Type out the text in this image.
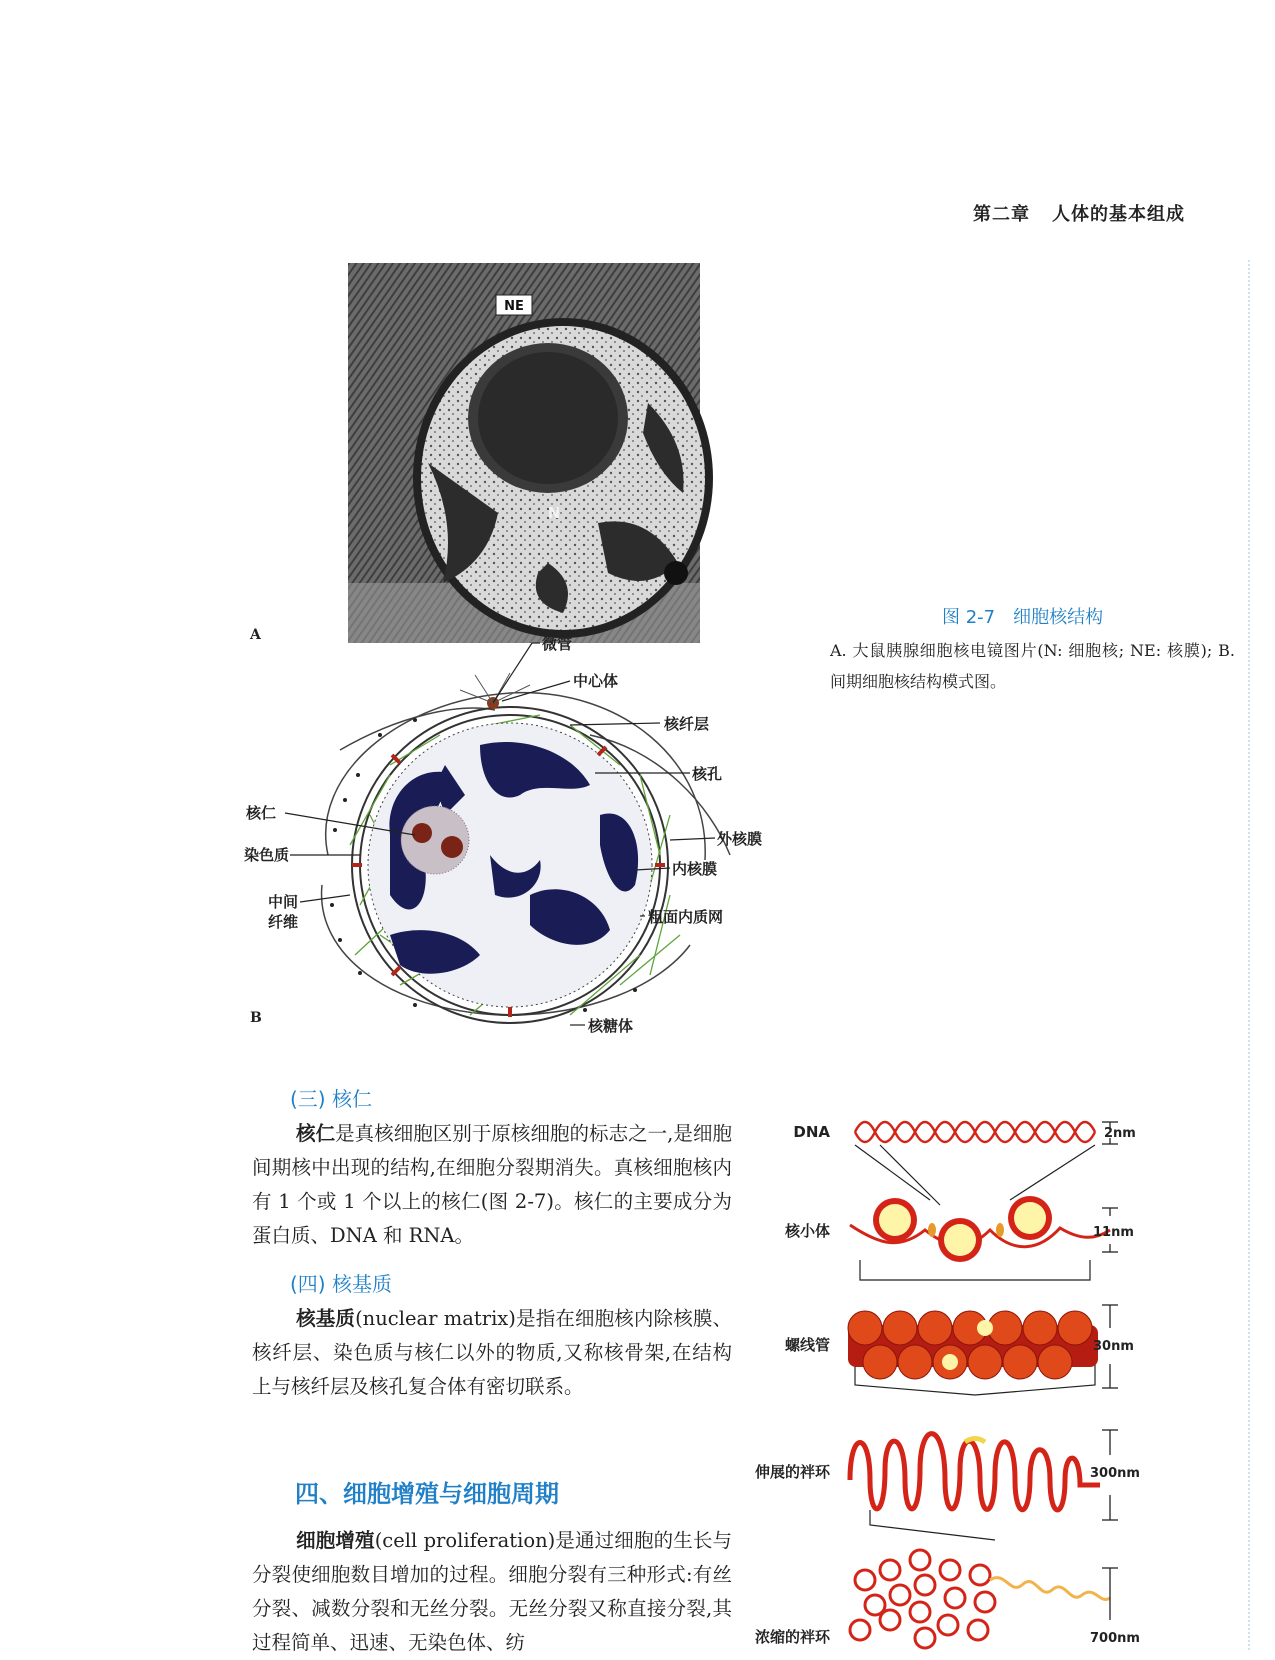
第二章 人体的基本组成
NE
N
A	微管
中心体
核纤层
核孔
外核膜
内核膜
粗面内质网
核糖体
核仁
染色质
中间
纤维
B
图 2-7　细胞核结构
A. 大鼠胰腺细胞核电镜图片(N: 细胞核; NE: 核膜); B. 间期细胞核结构模式图。
(三) 核仁
核仁是真核细胞区别于原核细胞的标志之一,是细胞间期核中出现的结构,在细胞分裂期消失。真核细胞核内有 1 个或 1 个以上的核仁(图 2-7)。核仁的主要成分为蛋白质、DNA 和 RNA。
(四) 核基质
核基质(nuclear matrix)是指在细胞核内除核膜、核纤层、染色质与核仁以外的物质,又称核骨架,在结构上与核纤层及核孔复合体有密切联系。
四、细胞增殖与细胞周期
细胞增殖(cell proliferation)是通过细胞的生长与分裂使细胞数目增加的过程。细胞分裂有三种形式:有丝分裂、减数分裂和无丝分裂。无丝分裂又称直接分裂,其过程简单、迅速、无染色体、纺
DNA
核小体
螺线管
伸展的袢环
浓缩的袢环
2nm
11nm
30nm
300nm
700nm
